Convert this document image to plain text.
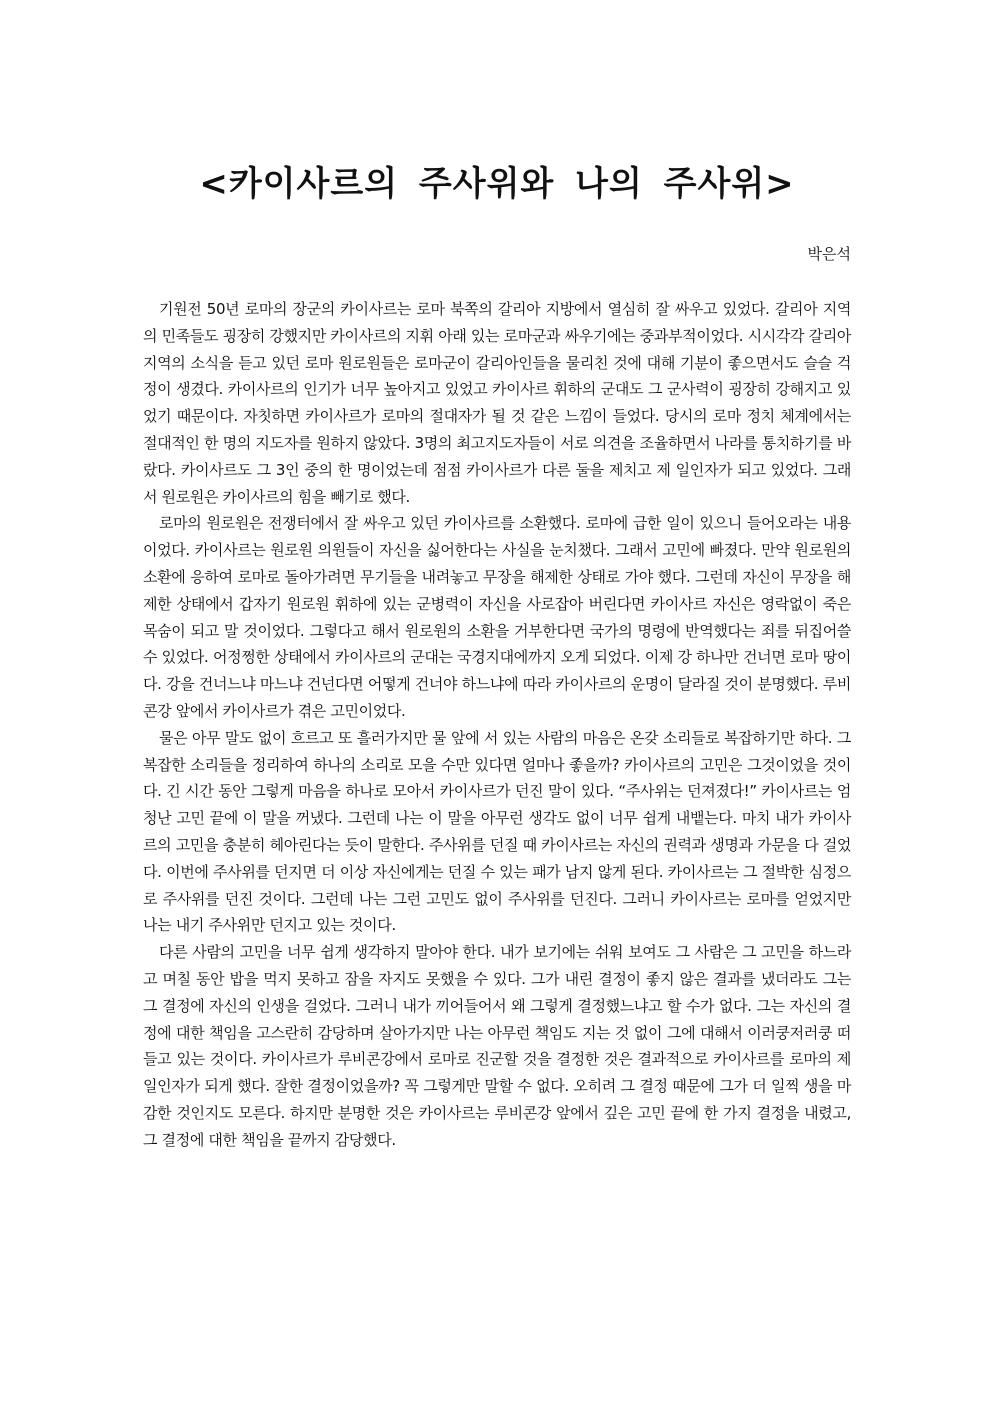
<카이사르의 주사위와 나의 주사위>
박은석

기원전 50년 로마의 장군의 카이사르는 로마 북쪽의 갈리아 지방에서 열심히 잘 싸우고 있었다. 갈리아 지역의 민족들도 굉장히 강했지만 카이사르의 지휘 아래 있는 로마군과 싸우기에는 중과부적이었다. 시시각각 갈리아 지역의 소식을 듣고 있던 로마 원로원들은 로마군이 갈리아인들을 물리친 것에 대해 기분이 좋으면서도 슬슬 걱정이 생겼다. 카이사르의 인기가 너무 높아지고 있었고 카이사르 휘하의 군대도 그 군사력이 굉장히 강해지고 있었기 때문이다. 자칫하면 카이사르가 로마의 절대자가 될 것 같은 느낌이 들었다. 당시의 로마 정치 체계에서는 절대적인 한 명의 지도자를 원하지 않았다. 3명의 최고지도자들이 서로 의견을 조율하면서 나라를 통치하기를 바랐다. 카이사르도 그 3인 중의 한 명이었는데 점점 카이사르가 다른 둘을 제치고 제 일인자가 되고 있었다. 그래서 원로원은 카이사르의 힘을 빼기로 했다.

로마의 원로원은 전쟁터에서 잘 싸우고 있던 카이사르를 소환했다. 로마에 급한 일이 있으니 들어오라는 내용이었다. 카이사르는 원로원 의원들이 자신을 싫어한다는 사실을 눈치챘다. 그래서 고민에 빠졌다. 만약 원로원의 소환에 응하여 로마로 돌아가려면 무기들을 내려놓고 무장을 해제한 상태로 가야 했다. 그런데 자신이 무장을 해제한 상태에서 갑자기 원로원 휘하에 있는 군병력이 자신을 사로잡아 버린다면 카이사르 자신은 영락없이 죽은 목숨이 되고 말 것이었다. 그렇다고 해서 원로원의 소환을 거부한다면 국가의 명령에 반역했다는 죄를 뒤집어쓸 수 있었다. 어정쩡한 상태에서 카이사르의 군대는 국경지대에까지 오게 되었다. 이제 강 하나만 건너면 로마 땅이다. 강을 건너느냐 마느냐 건넌다면 어떻게 건너야 하느냐에 따라 카이사르의 운명이 달라질 것이 분명했다. 루비콘강 앞에서 카이사르가 겪은 고민이었다.

물은 아무 말도 없이 흐르고 또 흘러가지만 물 앞에 서 있는 사람의 마음은 온갖 소리들로 복잡하기만 하다. 그 복잡한 소리들을 정리하여 하나의 소리로 모을 수만 있다면 얼마나 좋을까? 카이사르의 고민은 그것이었을 것이다. 긴 시간 동안 그렇게 마음을 하나로 모아서 카이사르가 던진 말이 있다. “주사위는 던져졌다!” 카이사르는 엄청난 고민 끝에 이 말을 꺼냈다. 그런데 나는 이 말을 아무런 생각도 없이 너무 쉽게 내뱉는다. 마치 내가 카이사르의 고민을 충분히 헤아린다는 듯이 말한다. 주사위를 던질 때 카이사르는 자신의 권력과 생명과 가문을 다 걸었다. 이번에 주사위를 던지면 더 이상 자신에게는 던질 수 있는 패가 남지 않게 된다. 카이사르는 그 절박한 심정으로 주사위를 던진 것이다. 그런데 나는 그런 고민도 없이 주사위를 던진다. 그러니 카이사르는 로마를 얻었지만 나는 내기 주사위만 던지고 있는 것이다.

다른 사람의 고민을 너무 쉽게 생각하지 말아야 한다. 내가 보기에는 쉬워 보여도 그 사람은 그 고민을 하느라고 며칠 동안 밥을 먹지 못하고 잠을 자지도 못했을 수 있다. 그가 내린 결정이 좋지 않은 결과를 냈더라도 그는 그 결정에 자신의 인생을 걸었다. 그러니 내가 끼어들어서 왜 그렇게 결정했느냐고 할 수가 없다. 그는 자신의 결정에 대한 책임을 고스란히 감당하며 살아가지만 나는 아무런 책임도 지는 것 없이 그에 대해서 이러쿵저러쿵 떠들고 있는 것이다. 카이사르가 루비콘강에서 로마로 진군할 것을 결정한 것은 결과적으로 카이사르를 로마의 제 일인자가 되게 했다. 잘한 결정이었을까? 꼭 그렇게만 말할 수 없다. 오히려 그 결정 때문에 그가 더 일찍 생을 마감한 것인지도 모른다. 하지만 분명한 것은 카이사르는 루비콘강 앞에서 깊은 고민 끝에 한 가지 결정을 내렸고, 그 결정에 대한 책임을 끝까지 감당했다.
